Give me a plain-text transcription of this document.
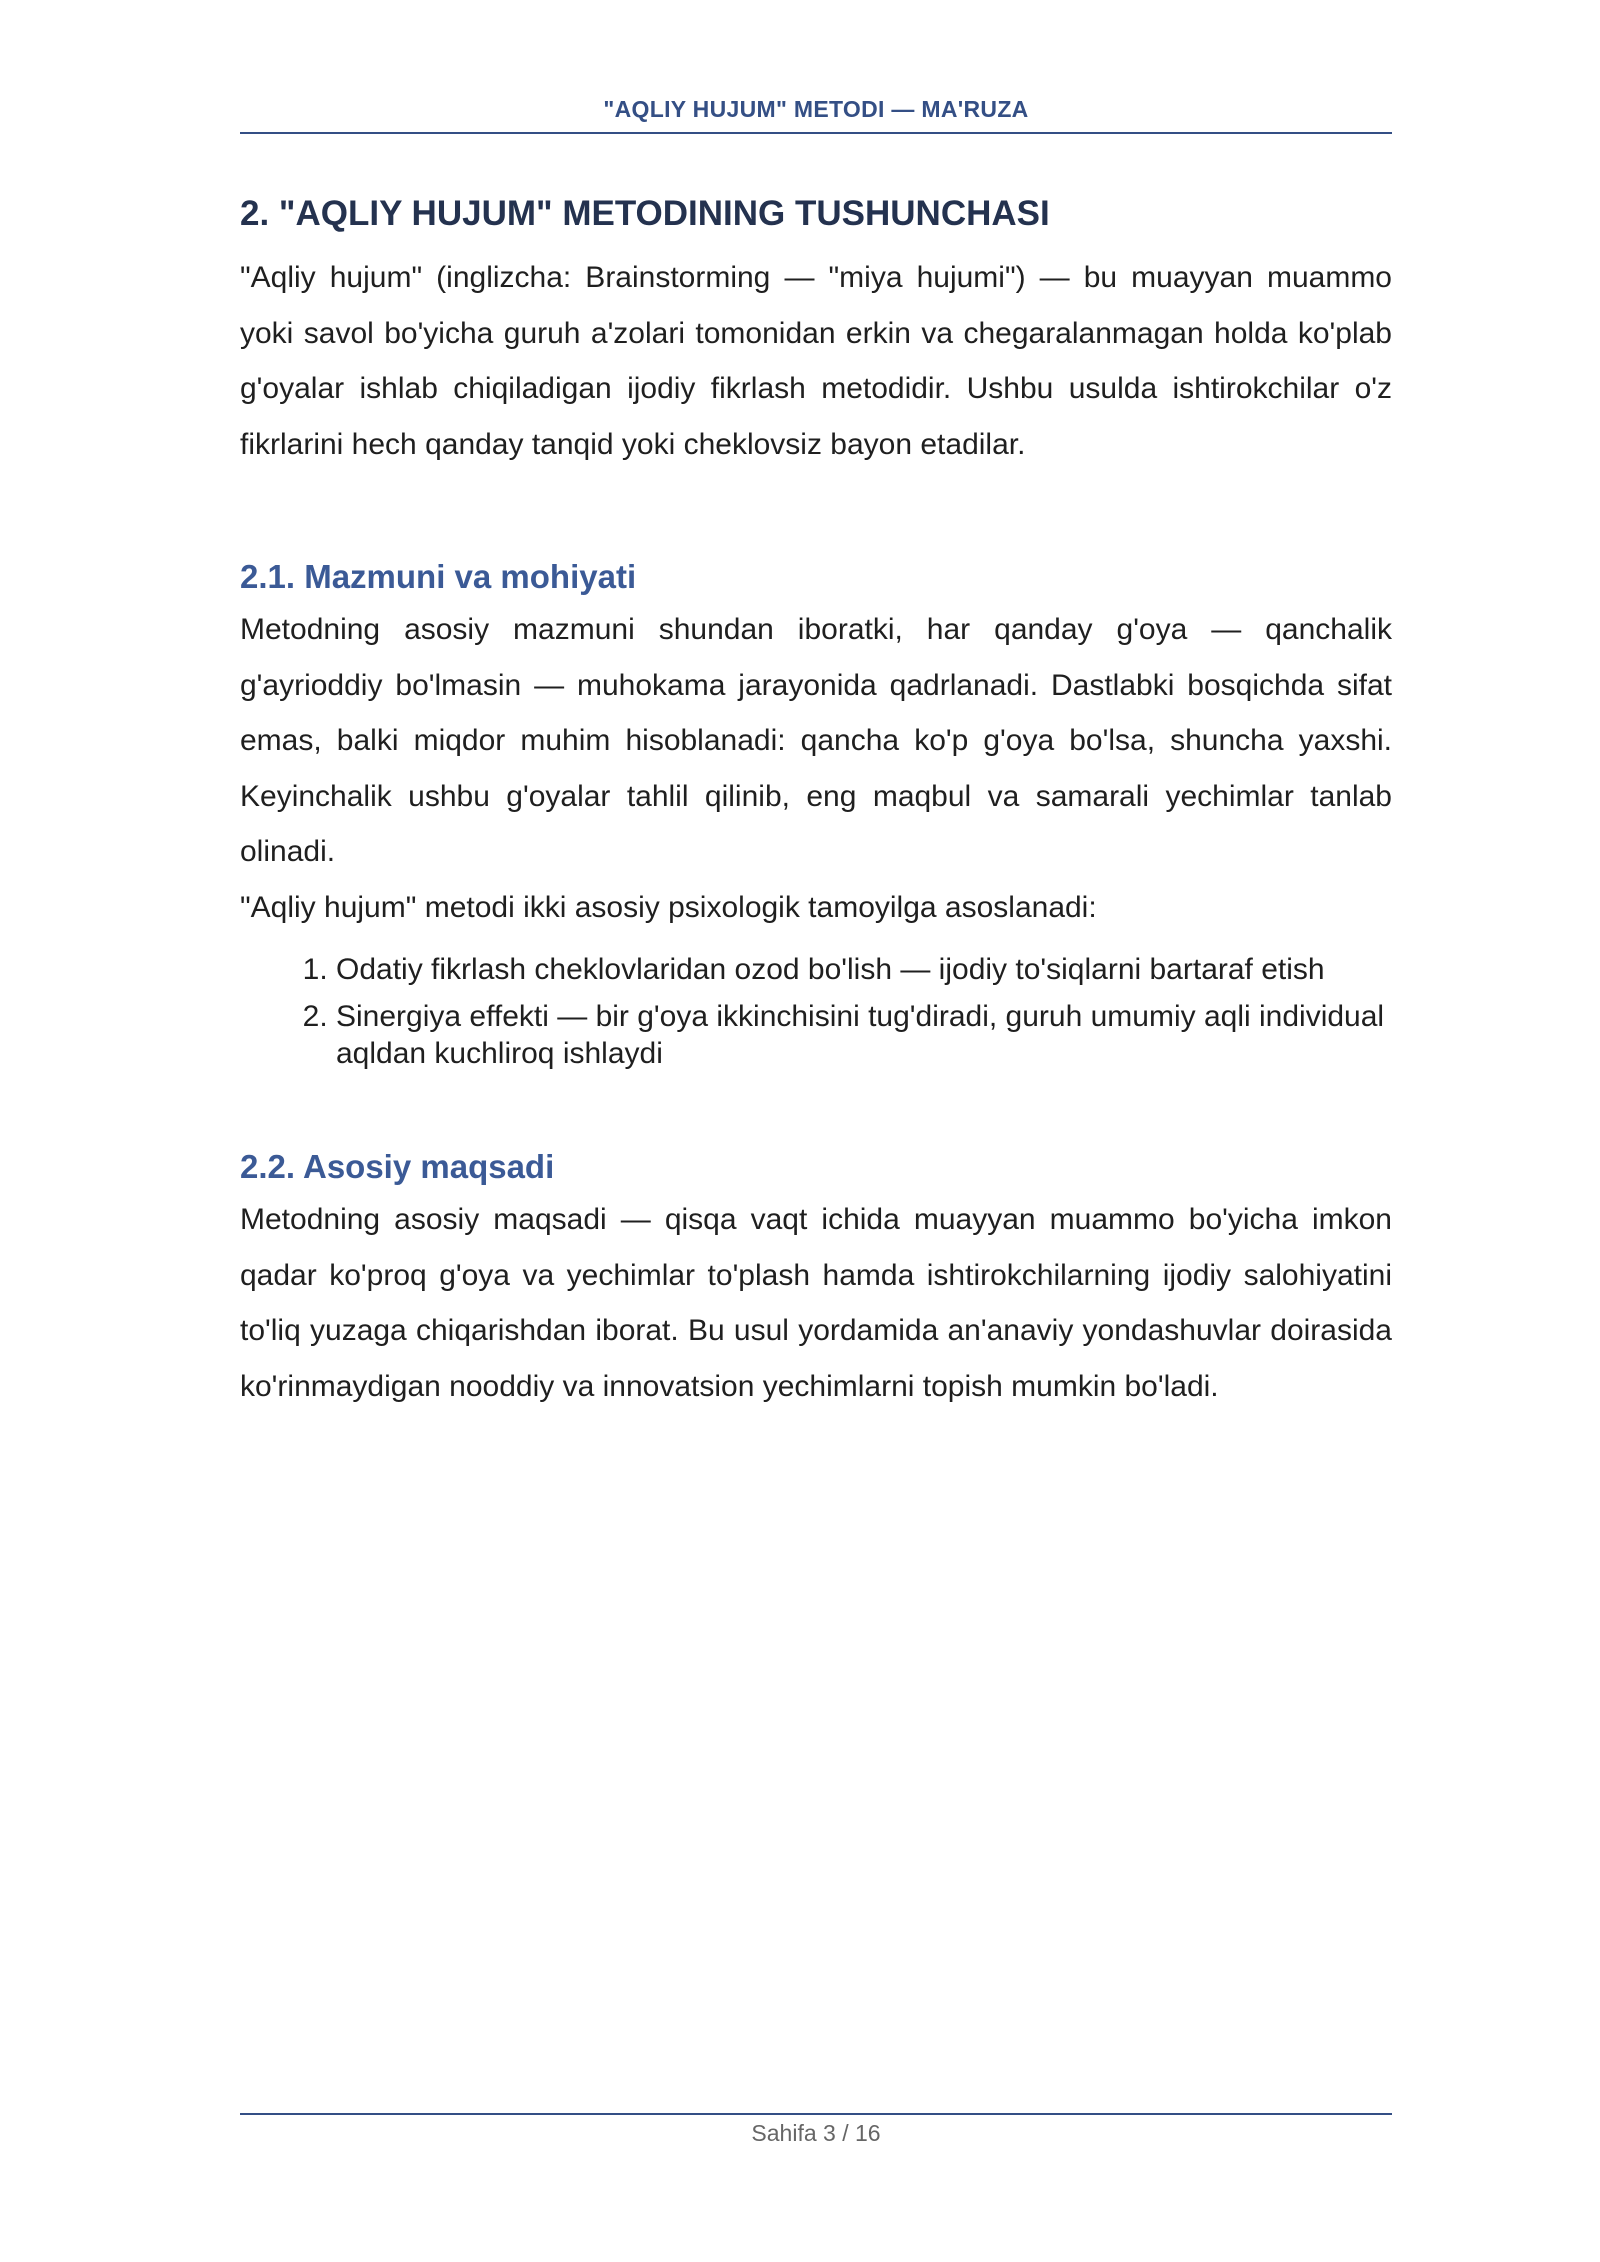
"AQLIY HUJUM" METODI — MA'RUZA
2. "AQLIY HUJUM" METODINING TUSHUNCHASI

"Aqliy hujum" (inglizcha: Brainstorming — "miya hujumi") — bu muayyan muammo yoki savol bo'yicha guruh a'zolari tomonidan erkin va chegaralanmagan holda ko'plab g'oyalar ishlab chiqiladigan ijodiy fikrlash metodidir. Ushbu usulda ishtirokchilar o'z fikrlarini hech qanday tanqid yoki cheklovsiz bayon etadilar.

2.1. Mazmuni va mohiyati

Metodning asosiy mazmuni shundan iboratki, har qanday g'oya — qanchalik g'ayrioddiy bo'lmasin — muhokama jarayonida qadrlanadi. Dastlabki bosqichda sifat emas, balki miqdor muhim hisoblanadi: qancha ko'p g'oya bo'lsa, shuncha yaxshi. Keyinchalik ushbu g'oyalar tahlil qilinib, eng maqbul va samarali yechimlar tanlab olinadi.

"Aqliy hujum" metodi ikki asosiy psixologik tamoyilga asoslanadi:

1. Odatiy fikrlash cheklovlaridan ozod bo'lish — ijodiy to'siqlarni bartaraf etish
2. Sinergiya effekti — bir g'oya ikkinchisini tug'diradi, guruh umumiy aqli individual aqldan kuchliroq ishlaydi
2.2. Asosiy maqsadi

Metodning asosiy maqsadi — qisqa vaqt ichida muayyan muammo bo'yicha imkon qadar ko'proq g'oya va yechimlar to'plash hamda ishtirokchilarning ijodiy salohiyatini to'liq yuzaga chiqarishdan iborat. Bu usul yordamida an'anaviy yondashuvlar doirasida ko'rinmaydigan nooddiy va innovatsion yechimlarni topish mumkin bo'ladi.

Sahifa 3 / 16
